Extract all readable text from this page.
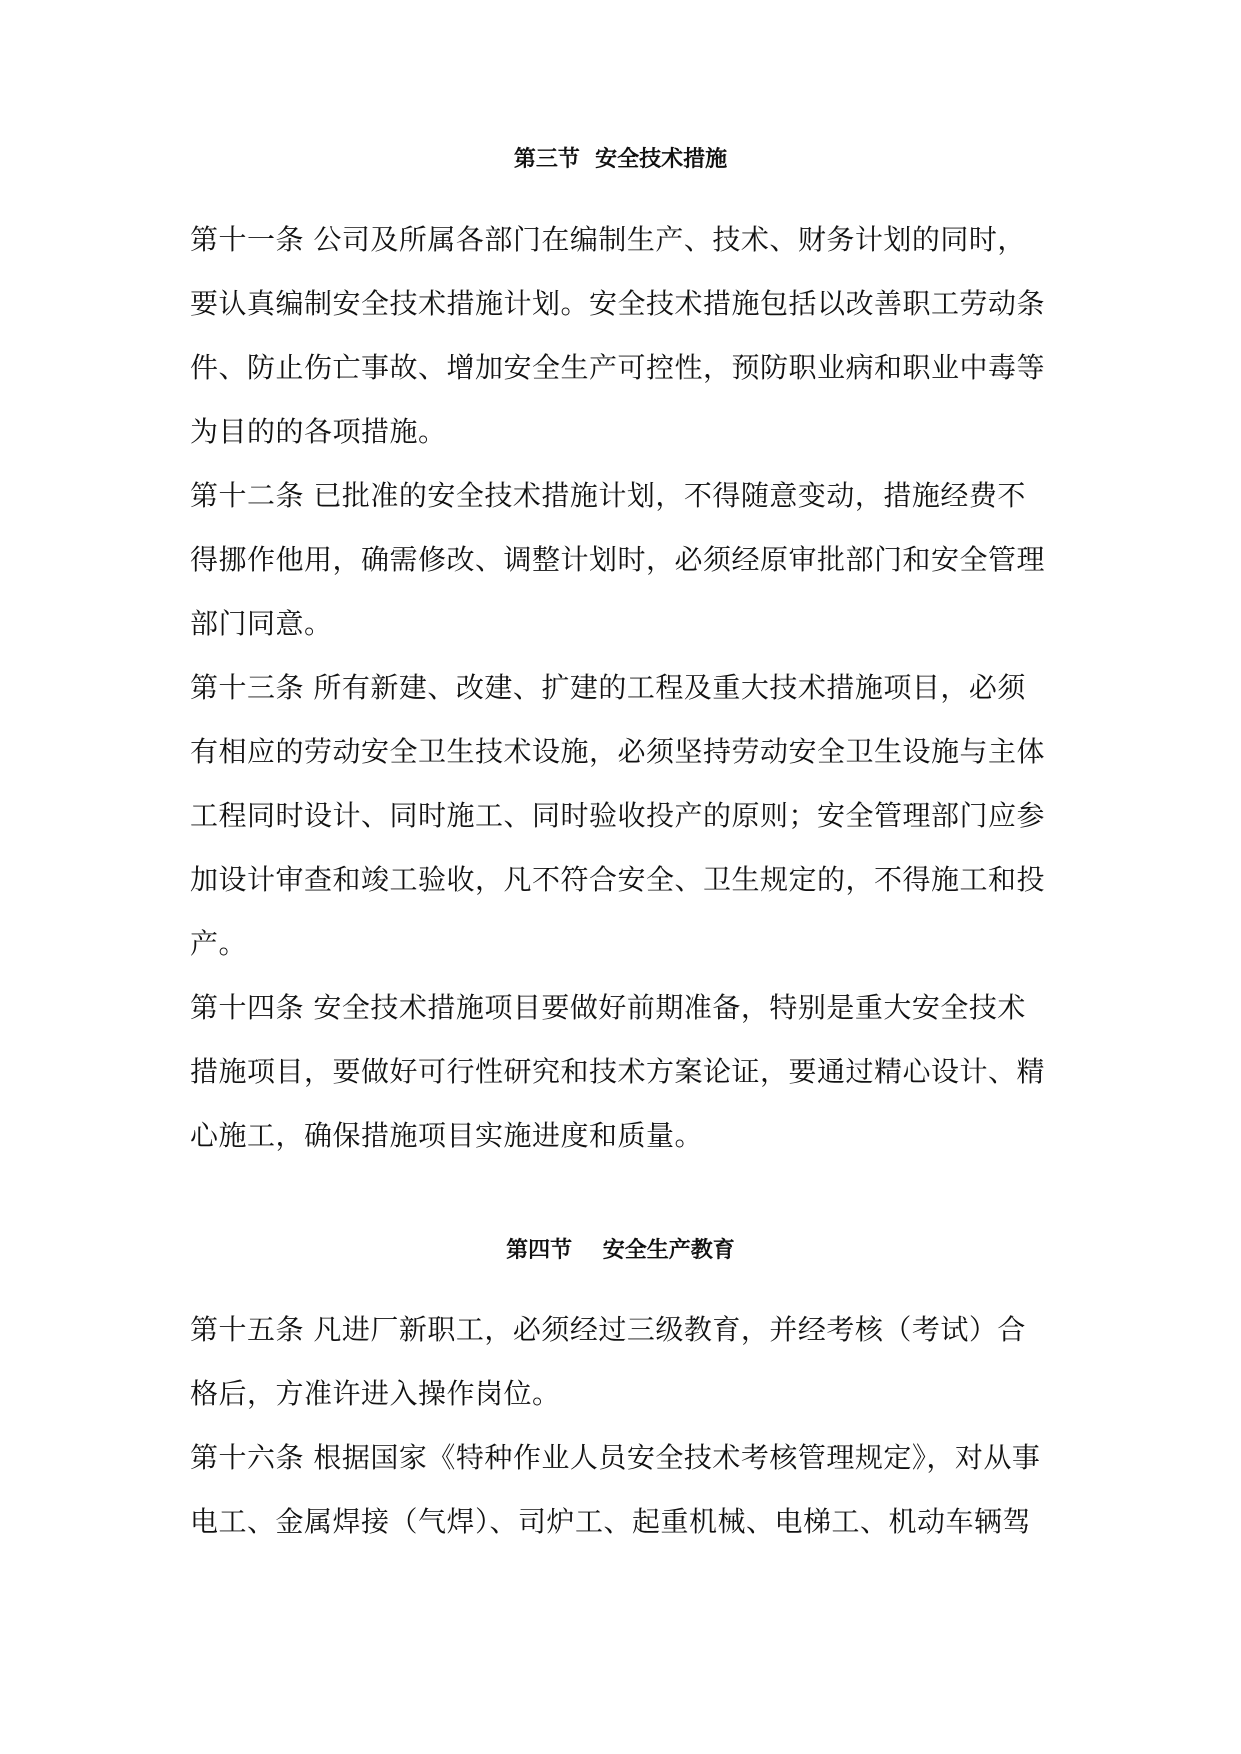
第三节  安全技术措施
第十一条 公司及所属各部门在编制生产、技术、财务计划的同时，
要认真编制安全技术措施计划。安全技术措施包括以改善职工劳动条
件、防止伤亡事故、增加安全生产可控性，预防职业病和职业中毒等
为目的的各项措施。
第十二条 已批准的安全技术措施计划，不得随意变动，措施经费不
得挪作他用，确需修改、调整计划时，必须经原审批部门和安全管理
部门同意。
第十三条 所有新建、改建、扩建的工程及重大技术措施项目，必须
有相应的劳动安全卫生技术设施，必须坚持劳动安全卫生设施与主体
工程同时设计、同时施工、同时验收投产的原则；安全管理部门应参
加设计审查和竣工验收，凡不符合安全、卫生规定的，不得施工和投
产。
第十四条 安全技术措施项目要做好前期准备，特别是重大安全技术
措施项目，要做好可行性研究和技术方案论证，要通过精心设计、精
心施工，确保措施项目实施进度和质量。
第四节    安全生产教育
第十五条 凡进厂新职工，必须经过三级教育，并经考核（考试）合
格后，方准许进入操作岗位。
第十六条 根据国家《特种作业人员安全技术考核管理规定》，对从事
电工、金属焊接（气焊）、司炉工、起重机械、电梯工、机动车辆驾
